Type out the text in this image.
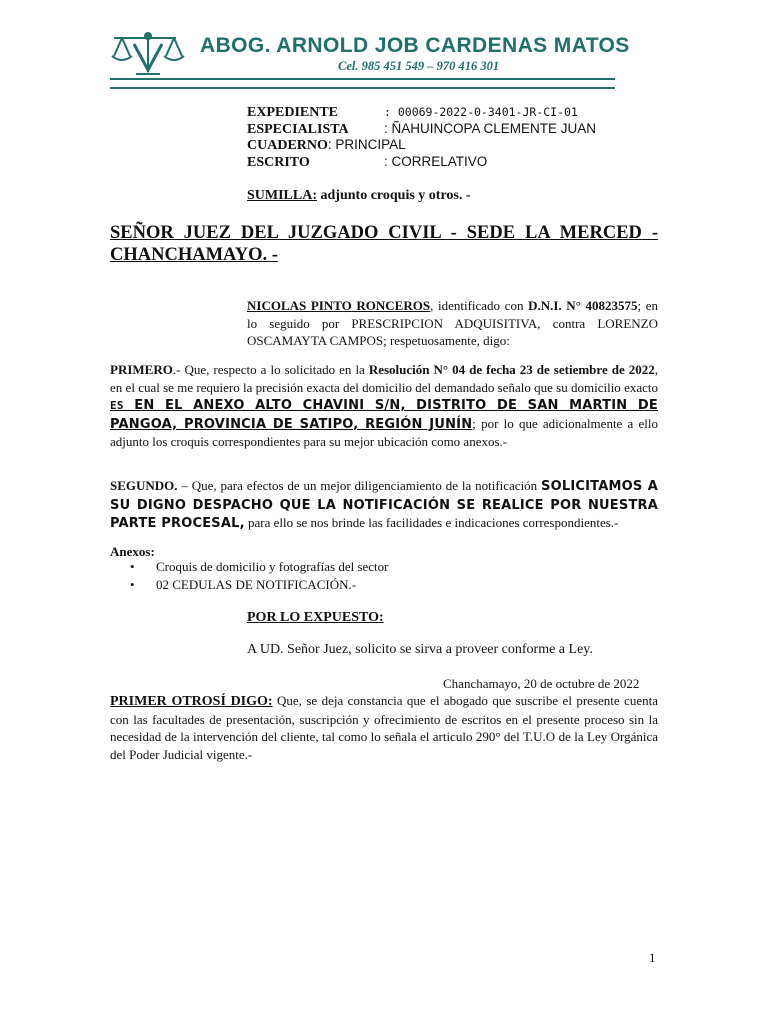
ABOG. ARNOLD JOB CARDENAS MATOS
Cel. 985 451 549 – 970 416 301
EXPEDIENTE	: 00069-2022-0-3401-JR-CI-01
ESPECIALISTA	: ÑAHUINCOPA CLEMENTE JUAN
CUADERNO: PRINCIPAL
ESCRITO	: CORRELATIVO
SUMILLA: adjunto croquis y otros. -
SEÑOR JUEZ DEL JUZGADO CIVIL - SEDE LA MERCED - CHANCHAMAYO. -
NICOLAS PINTO RONCEROS, identificado con D.N.I. N° 40823575; en lo seguido por PRESCRIPCION ADQUISITIVA, contra LORENZO OSCAMAYTA CAMPOS; respetuosamente, digo:
PRIMERO.- Que, respecto a lo solicitado en la Resolución N° 04 de fecha 23 de setiembre de 2022, en el cual se me requiero la precisión exacta del domicilio del demandado señalo que su domicilio exacto ES EN EL ANEXO ALTO CHAVINI S/N, DISTRITO DE SAN MARTIN DE PANGOA, PROVINCIA DE SATIPO, REGIÓN JUNÍN; por lo que adicionalmente a ello adjunto los croquis correspondientes para su mejor ubicación como anexos.-
SEGUNDO. – Que, para efectos de un mejor diligenciamiento de la notificación SOLICITAMOS A SU DIGNO DESPACHO QUE LA NOTIFICACIÓN SE REALICE POR NUESTRA PARTE PROCESAL, para ello se nos brinde las facilidades e indicaciones correspondientes.-
Anexos:
• Croquis de domicilio y fotografías del sector
• 02 CEDULAS DE NOTIFICACIÓN.-
POR LO EXPUESTO:
A UD. Señor Juez, solicito se sirva a proveer conforme a Ley.
Chanchamayo, 20 de octubre de 2022
PRIMER OTROSÍ DIGO: Que, se deja constancia que el abogado que suscribe el presente cuenta con las facultades de presentación, suscripción y ofrecimiento de escritos en el presente proceso sin la necesidad de la intervención del cliente, tal como lo señala el articulo 290° del T.U.O de la Ley Orgánica del Poder Judicial vigente.-
1
